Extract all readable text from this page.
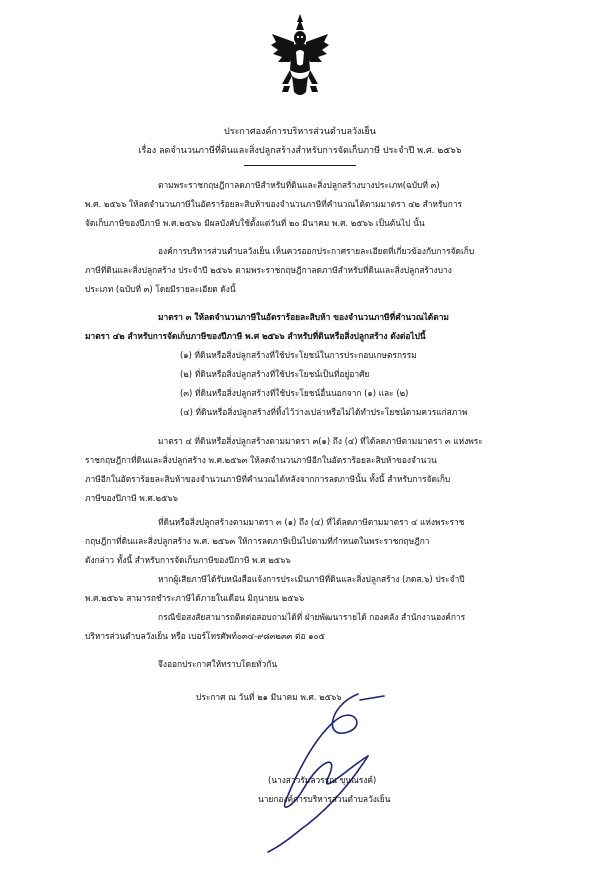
ประกาศองค์การบริหารส่วนตำบลวังเย็น
เรื่อง ลดจำนวนภาษีที่ดินและสิ่งปลูกสร้างสำหรับการจัดเก็บภาษี ประจำปี พ.ศ. ๒๕๖๖
ตามพระราชกฤษฎีกาลดภาษีสำหรับที่ดินและสิ่งปลูกสร้างบางประเภท(ฉบับที่ ๓)
พ.ศ. ๒๕๖๖ ให้ลดจำนวนภาษีในอัตราร้อยละสิบห้าของจำนวนภาษีที่คำนวณได้ตามมาตรา ๔๒ สำหรับการ
จัดเก็บภาษีของปีภาษี พ.ศ.๒๕๖๖ มีผลบังคับใช้ตั้งแต่วันที่ ๒๐ มีนาคม พ.ศ. ๒๕๖๖ เป็นต้นไป นั้น
องค์การบริหารส่วนตำบลวังเย็น เห็นควรออกประกาศรายละเอียดที่เกี่ยวข้องกับการจัดเก็บ
ภาษีที่ดินและสิ่งปลูกสร้าง ประจำปี ๒๕๖๖ ตามพระราชกฤษฎีกาลดภาษีสำหรับที่ดินและสิ่งปลูกสร้างบาง
ประเภท (ฉบับที่ ๓) โดยมีรายละเอียด ดังนี้
มาตรา ๓ ให้ลดจำนวนภาษีในอัตราร้อยละสิบห้า ของจำนวนภาษีที่คำนวณได้ตาม
มาตรา ๔๒ สำหรับการจัดเก็บภาษีของปีภาษี พ.ศ ๒๕๖๖ สำหรับที่ดินหรือสิ่งปลูกสร้าง ดังต่อไปนี้
(๑) ที่ดินหรือสิ่งปลูกสร้างที่ใช้ประโยชน์ในการประกอบเกษตรกรรม
(๒) ที่ดินหรือสิ่งปลูกสร้างที่ใช้ประโยชน์เป็นที่อยู่อาศัย
(๓) ที่ดินหรือสิ่งปลูกสร้างที่ใช้ประโยชน์อื่นนอกจาก (๑) และ (๒)
(๔) ที่ดินหรือสิ่งปลูกสร้างที่ทิ้งไว้ว่างเปล่าหรือไม่ได้ทำประโยชน์ตามควรแก่สภาพ
มาตรา ๔ ที่ดินหรือสิ่งปลูกสร้างตามมาตรา ๓(๑) ถึง (๔) ที่ได้ลดภาษีตามมาตรา ๓ แห่งพระ
ราชกฤษฎีกาที่ดินและสิ่งปลูกสร้าง พ.ศ.๒๕๖๓ ให้ลดจำนวนภาษีอีกในอัตราร้อยละสิบห้าของจำนวน
ภาษีอีกในอัตราร้อยละสิบห้าของจำนวนภาษีที่คำนวณได้หลังจากการลดภาษีนั้น ทั้งนี้ สำหรับการจัดเก็บ
ภาษีของปีภาษี พ.ศ.๒๕๖๖
ที่ดินหรือสิ่งปลูกสร้างตามมาตรา ๓ (๑) ถึง (๔) ที่ได้ลดภาษีตามมาตรา ๔ แห่งพระราช
กฤษฎีกาที่ดินและสิ่งปลูกสร้าง พ.ศ. ๒๕๖๓ ให้การลดภาษีเป็นไปตามที่กำหนดในพระราชกฤษฎีกา
ดังกล่าว ทั้งนี้ สำหรับการจัดเก็บภาษีของปีภาษี พ.ศ ๒๕๖๖
หากผู้เสียภาษีได้รับหนังสือแจ้งการประเมินภาษีที่ดินและสิ่งปลูกสร้าง (ภดส.๖) ประจำปี
พ.ศ.๒๕๖๖ สามารถชำระภาษีได้ภายในเดือน มิถุนายน ๒๕๖๖
กรณีข้อสงสัยสามารถติดต่อสอบถามได้ที่ ฝ่ายพัฒนารายได้ กองคลัง สำนักงานองค์การ
บริหารส่วนตำบลวังเย็น หรือ เบอร์โทรศัพท์๐๓๔-๙๘๓๒๓๓ ต่อ ๑๐๕
จึงออกประกาศให้ทราบโดยทั่วกัน
ประกาศ ณ วันที่ ๒๑ มีนาคม พ.ศ. ๒๕๖๖
(นางสาวรัมลวรรณ ขุนณรงค์)
นายกองค์การบริหารส่วนตำบลวังเย็น
